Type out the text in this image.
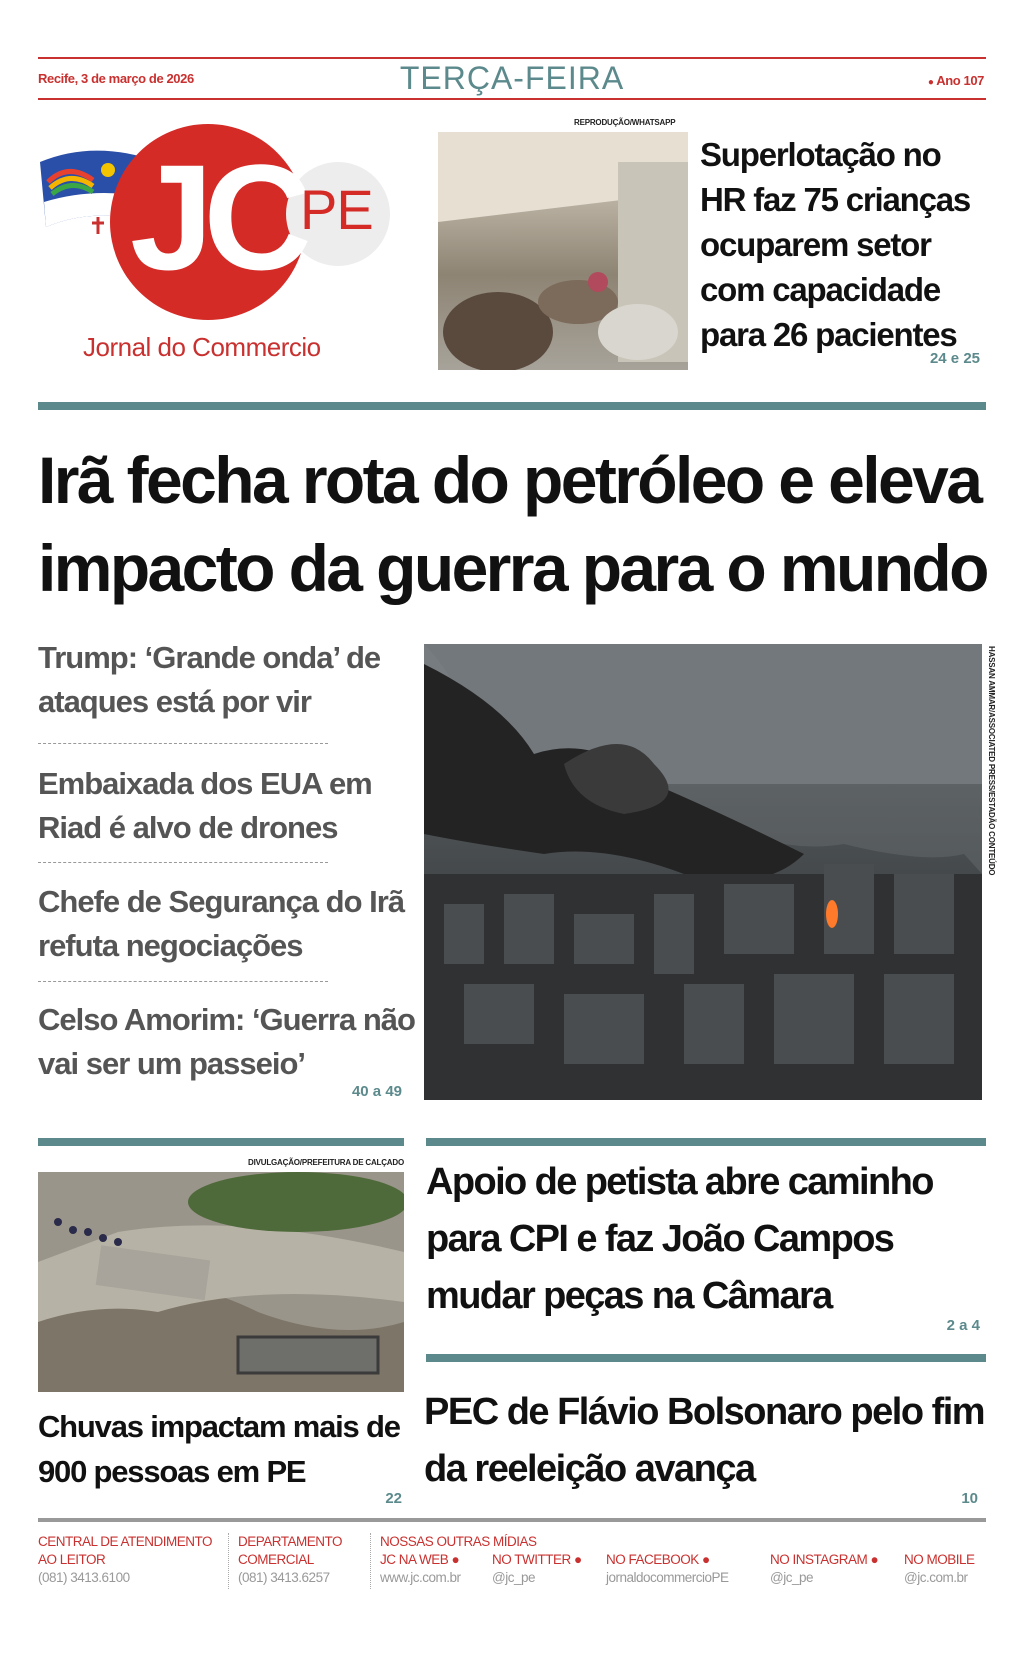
Recife, 3 de março de 2026	TERÇA-FEIRA	● Ano 107
JC
PE
Jornal do Commercio
REPRODUÇÃO/WHATSAPP
Superlotação no HR faz 75 crianças ocuparem setor com capacidade para 26 pacientes
24 e 25
Irã fecha rota do petróleo e eleva impacto da guerra para o mundo
Trump: ‘Grande onda’ de ataques está por vir
Embaixada dos EUA em Riad é alvo de drones
Chefe de Segurança do Irã refuta negociações
Celso Amorim: ‘Guerra não vai ser um passeio’
40 a 49
HASSAN AMMAR/ASSOCIATED PRESS/ESTADÃO CONTEÚDO
DIVULGAÇÃO/PREFEITURA DE CALÇADO
Chuvas impactam mais de 900 pessoas em PE
22
Apoio de petista abre caminho para CPI e faz João Campos mudar peças na Câmara
2 a 4
PEC de Flávio Bolsonaro pelo fim da reeleição avança
10
CENTRAL DE ATENDIMENTO AO LEITOR
(081) 3413.6100
DEPARTAMENTO COMERCIAL
(081) 3413.6257
NOSSAS OUTRAS MÍDIAS
JC NA WEB ●
www.jc.com.br
NO TWITTER ●
@jc_pe
NO FACEBOOK ●
jornaldocommercioPE
NO INSTAGRAM ●
@jc_pe
NO MOBILE
@jc.com.br
